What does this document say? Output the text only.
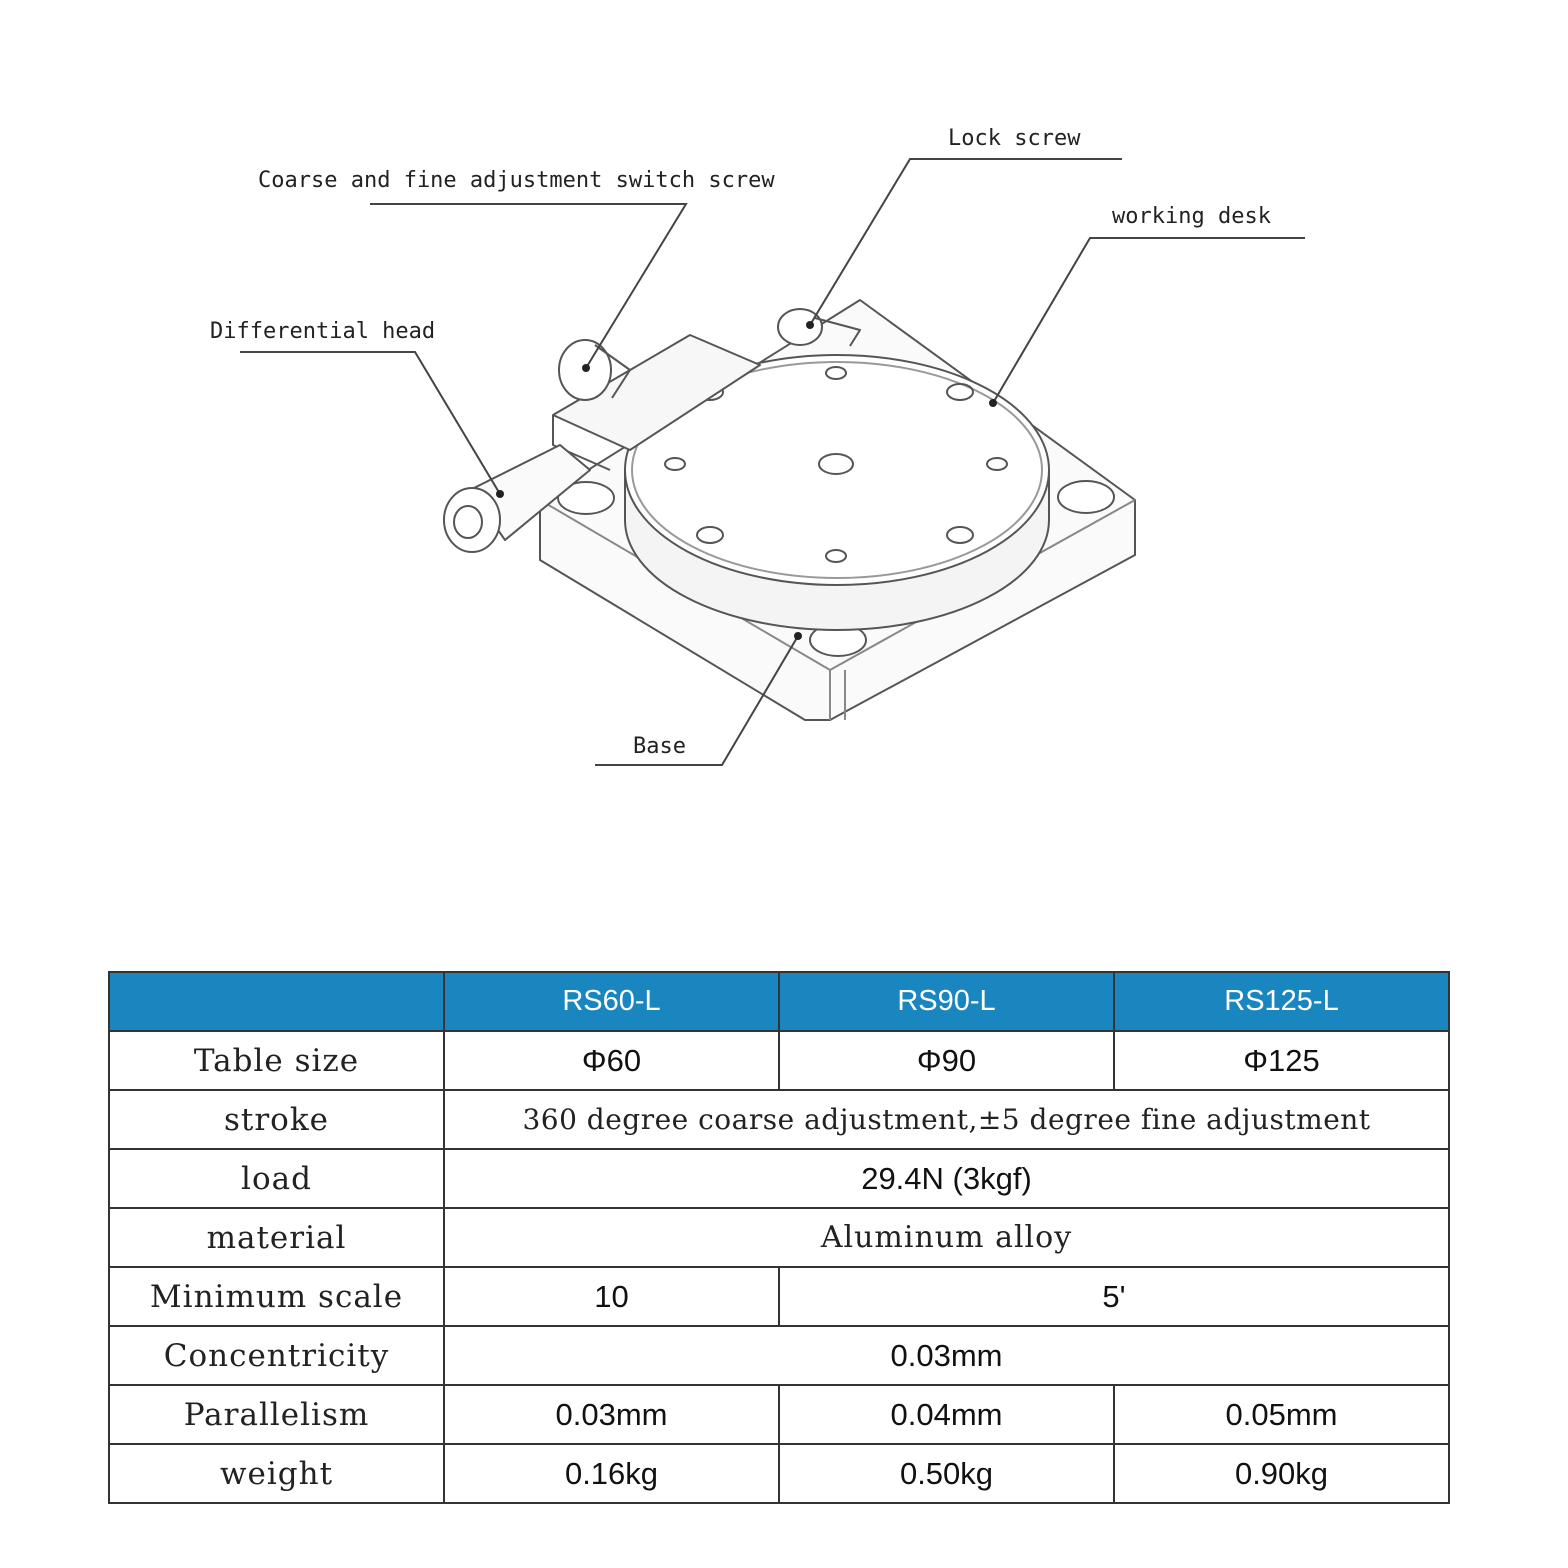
Lock screw
Coarse and fine adjustment switch screw
working desk
Differential head
Base
	RS60-L	RS90-L	RS125-L
Table size	Φ60	Φ90	Φ125
stroke	360 degree coarse adjustment,±5 degree fine adjustment		
load	29.4N (3kgf)		
material	Aluminum alloy		
Minimum scale	10	5'	
Concentricity	0.03mm		
Parallelism	0.03mm	0.04mm	0.05mm
weight	0.16kg	0.50kg	0.90kg
